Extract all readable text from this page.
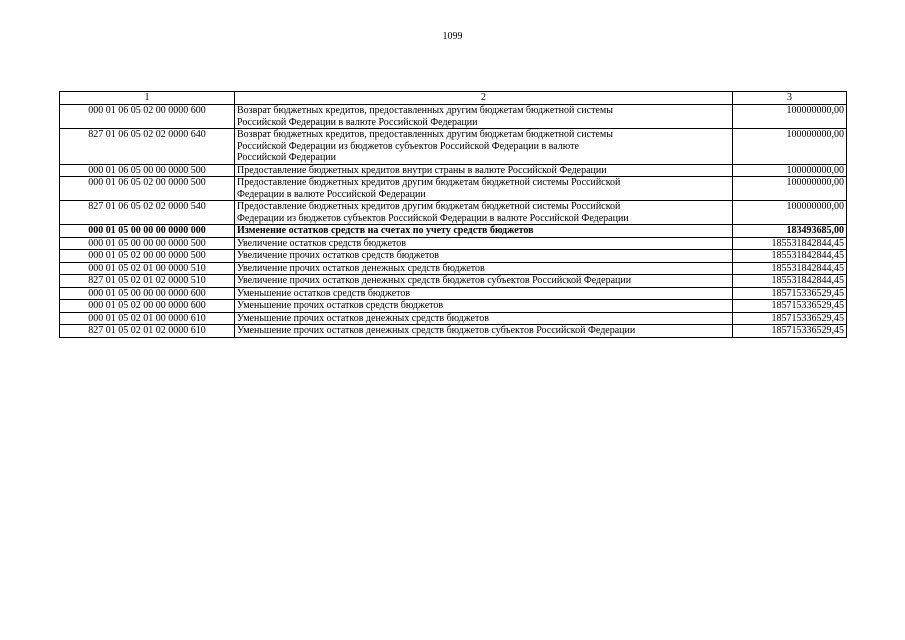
1099
1	2	3
000 01 06 05 02 00 0000 600	Возврат бюджетных кредитов, предоставленных другим бюджетам бюджетной системы
Российской Федерации в валюте Российской Федерации	100000000,00
827 01 06 05 02 02 0000 640	Возврат бюджетных кредитов, предоставленных другим бюджетам бюджетной системы
Российской Федерации из бюджетов субъектов Российской Федерации в валюте
Российской Федерации	100000000,00
000 01 06 05 00 00 0000 500	Предоставление бюджетных кредитов внутри страны в валюте Российской Федерации	100000000,00
000 01 06 05 02 00 0000 500	Предоставление бюджетных кредитов другим бюджетам бюджетной системы Российской
Федерации в валюте Российской Федерации	100000000,00
827 01 06 05 02 02 0000 540	Предоставление бюджетных кредитов другим бюджетам бюджетной системы Российской
Федерации из бюджетов субъектов Российской Федерации в валюте Российской Федерации	100000000,00
000 01 05 00 00 00 0000 000	Изменение остатков средств на счетах по учету средств бюджетов	183493685,00
000 01 05 00 00 00 0000 500	Увеличение остатков средств бюджетов	185531842844,45
000 01 05 02 00 00 0000 500	Увеличение прочих остатков средств бюджетов	185531842844,45
000 01 05 02 01 00 0000 510	Увеличение прочих остатков денежных средств бюджетов	185531842844,45
827 01 05 02 01 02 0000 510	Увеличение прочих остатков денежных средств бюджетов субъектов Российской Федерации	185531842844,45
000 01 05 00 00 00 0000 600	Уменьшение остатков средств бюджетов	185715336529,45
000 01 05 02 00 00 0000 600	Уменьшение прочих остатков средств бюджетов	185715336529,45
000 01 05 02 01 00 0000 610	Уменьшение прочих остатков денежных средств бюджетов	185715336529,45
827 01 05 02 01 02 0000 610	Уменьшение прочих остатков денежных средств бюджетов субъектов Российской Федерации	185715336529,45
